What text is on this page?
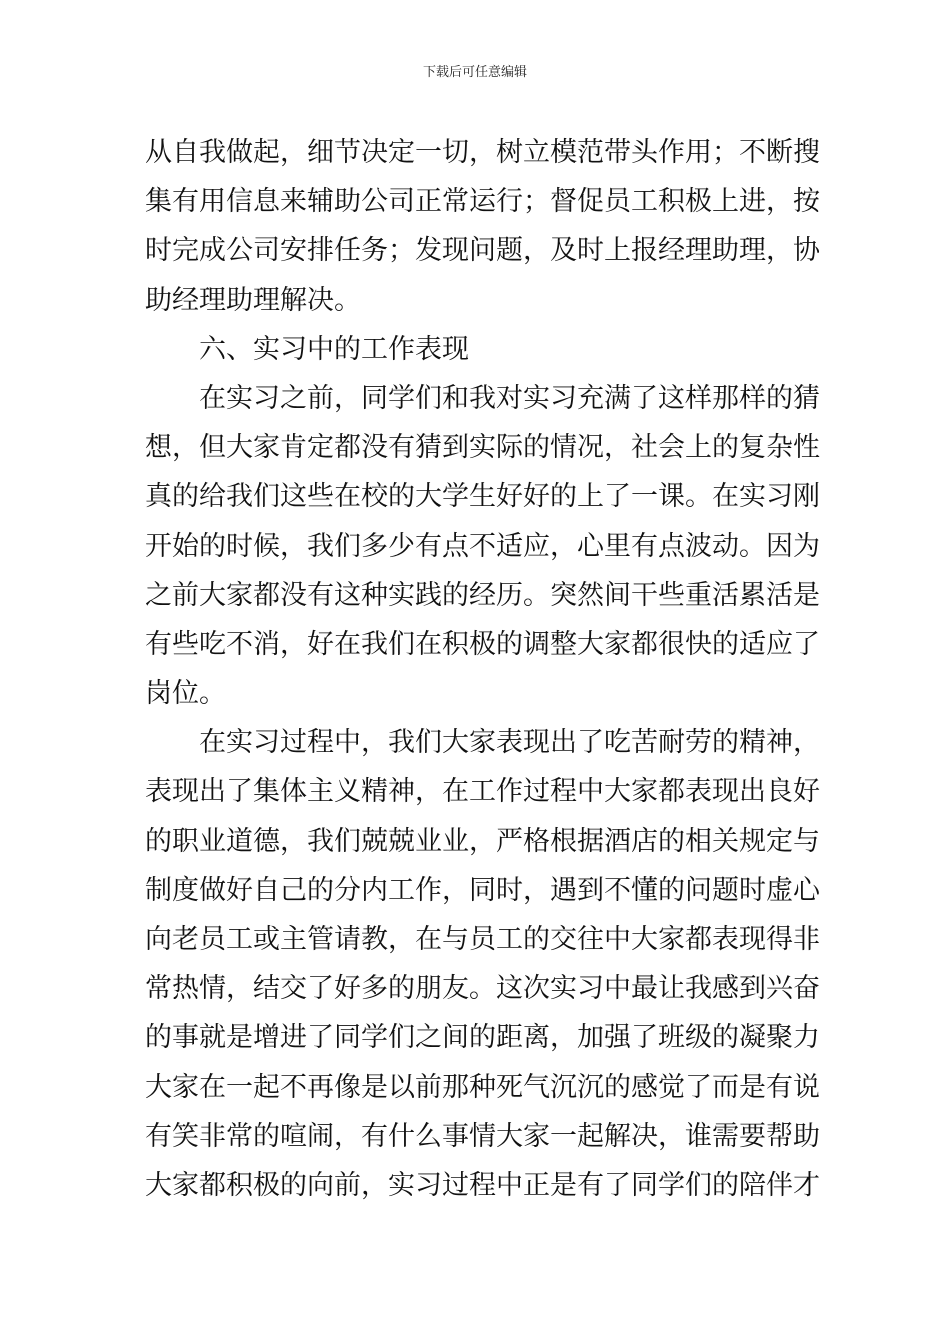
下载后可任意编辑
从自我做起，细节决定一切，树立模范带头作用；不断搜
集有用信息来辅助公司正常运行；督促员工积极上进，按
时完成公司安排任务；发现问题，及时上报经理助理，协
助经理助理解决。
六、实习中的工作表现
在实习之前，同学们和我对实习充满了这样那样的猜
想，但大家肯定都没有猜到实际的情况，社会上的复杂性
真的给我们这些在校的大学生好好的上了一课。在实习刚
开始的时候，我们多少有点不适应，心里有点波动。因为
之前大家都没有这种实践的经历。突然间干些重活累活是
有些吃不消，好在我们在积极的调整大家都很快的适应了
岗位。
在实习过程中，我们大家表现出了吃苦耐劳的精神，
表现出了集体主义精神，在工作过程中大家都表现出良好
的职业道德，我们兢兢业业，严格根据酒店的相关规定与
制度做好自己的分内工作，同时，遇到不懂的问题时虚心
向老员工或主管请教，在与员工的交往中大家都表现得非
常热情，结交了好多的朋友。这次实习中最让我感到兴奋
的事就是增进了同学们之间的距离，加强了班级的凝聚力
大家在一起不再像是以前那种死气沉沉的感觉了而是有说
有笑非常的喧闹，有什么事情大家一起解决，谁需要帮助
大家都积极的向前，实习过程中正是有了同学们的陪伴才
